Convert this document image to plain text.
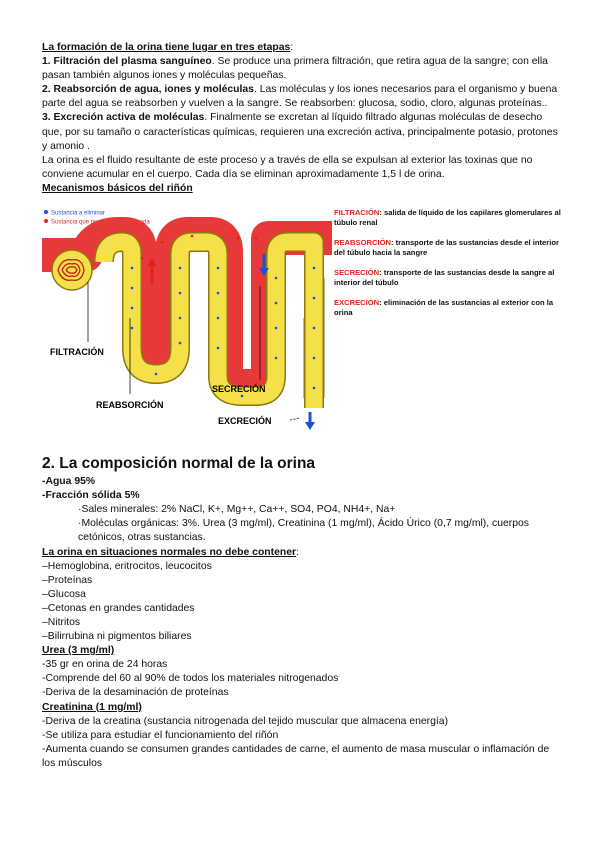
La formación de la orina tiene lugar en tres etapas:

1. Filtración del plasma sanguíneo. Se produce una primera filtración, que retira agua de la sangre; con ella pasan también algunos iones y moléculas pequeñas.

2. Reabsorción de agua, iones y moléculas. Las moléculas y los iones necesarios para el organismo y buena parte del agua se reabsorben y vuelven a la sangre. Se reabsorben: glucosa, sodio, cloro, algunas proteínas..

3. Excreción activa de moléculas. Finalmente se excretan al líquido filtrado algunas moléculas de desecho que, por su tamaño o características químicas, requieren una excreción activa, principalmente potasio, protones y amonio .

La orina es el fluido resultante de este proceso y a través de ella se expulsan al exterior las toxinas que no conviene acumular en el cuerpo. Cada día se eliminan aproximadamente 1,5 l de orina.

Mecanismos básicos del riñón

Sustancia a eliminar
Sustancia que no debe ser eliminada
FILTRACIÓN
REABSORCIÓN
SECRECIÓN
EXCRECIÓN

FILTRACIÓN: salida de líquido de los capilares glomerulares al túbulo renal

REABSORCIÓN: transporte de las sustancias desde el interior del túbulo hacia la sangre

SECRECIÓN: transporte de las sustancias desde la sangre al interior del túbulo

EXCRECIÓN: eliminación de las sustancias al exterior con la orina

2. La composición normal de la orina

-Agua 95%

-Fracción sólida 5%

·Sales minerales: 2% NaCl, K+, Mg++, Ca++, SO4, PO4, NH4+, Na+

·Moléculas orgánicas: 3%. Urea (3 mg/ml), Creatinina (1 mg/ml), Ácido Úrico (0,7 mg/ml), cuerpos cetónicos, otras sustancias.

La orina en situaciones normales no debe contener:

–Hemoglobina, eritrocitos, leucocitos

–Proteínas

–Glucosa

–Cetonas en grandes cantidades

–Nitritos

–Bilirrubina ni pigmentos biliares

Urea (3 mg/ml)

-35 gr en orina de 24 horas

-Comprende del 60 al 90% de todos los materiales nitrogenados

-Deriva de la desaminación de proteínas

Creatinina (1 mg/ml)

-Deriva de la creatina (sustancia nitrogenada del tejido muscular que almacena energía)

-Se utiliza para estudiar el funcionamiento del riñón

-Aumenta cuando se consumen grandes cantidades de carne, el aumento de masa muscular o inflamación de los músculos
